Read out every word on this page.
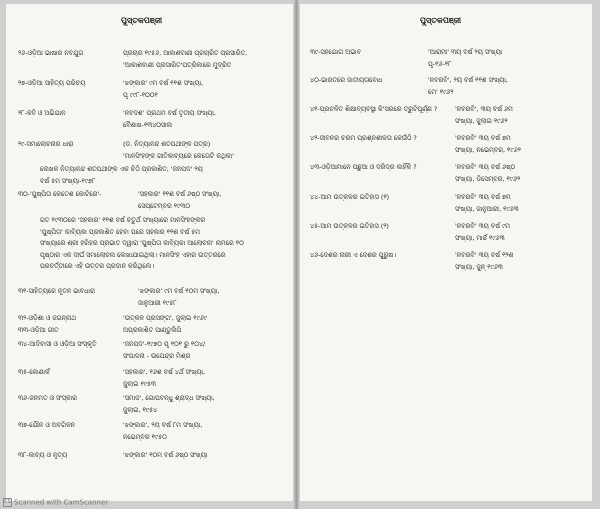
ପୁସ୍ତକପଞ୍ଜୀ
୨୬-ଓଡ଼ିଆ ଭାଷାର ନବଯୁଗ	ପ୍ରଚାର ୧୯୫୬, ଆକାଶବାଣୀ ପ୍ରଚାରିତ ପ୍ରସାରିତ,
'ଆକାଶବାଣୀ ପ୍ରସାରିତ'ପତ୍ରିକାରେ ମୁଦ୍ରିତ
୨୭-ଓଡ଼ିଆ ସାହିତ୍ୟ ପରିଚୟ	'ଝଙ୍କାର' ୯ମ ବର୍ଷ ୧୧ଶ ସଂଖ୍ୟା,
ପୃ ୯୯୮-୧୦୦୧
୨୮-କବି ଓ ଅଭିଯାନ	'ନବଦଶ' ପ୍ରଥମ ବର୍ଷ ତୃତୀୟ ସଂଖ୍ୟା,
ବୈଶାଖ-୧୩୪୦ସାଲ
୨୯-ସମାଲୋଚନାର ଧାରା	(ଡ. ନିତ୍ୟାନନ୍ଦ ଶତପଥୀଙ୍କ ପତ୍ର)
'ମାନସିଂହଙ୍କ ଗୀତିକାବ୍ୟରେ କେତୋଟି କଥିକା'
ଲେଖକ ନିତ୍ୟାନନ୍ଦ ଶତପଥୀଙ୍କ ଏକ ଚିଠି ପ୍ରକାଶିତ, 'ଜନପଦ' ୨ୟ
ବର୍ଷ ୫ମ ସଂଖ୍ୟା-୧୯୭୮
୩୦-'ପୁଷ୍ପିତା କେତେଶ କୋଟିରେ'-	'ସହକାର' ୧୧ଶ ବର୍ଷ ୬ଷ୍ଠ ସଂଖ୍ୟା,
ସେପ୍ଟେମ୍ବର ୧୯୩୦
ଗତ ୧୯୩୦ରେ 'ସହକାର' ୧୧ଶ ବର୍ଷ ଚତୁର୍ଥ ସଂଖ୍ୟାରେ ମାନସିଂହଙ୍କର
'ପୁଷ୍ପିତା' କାବ୍ୟିକା ପ୍ରକାଶିତ ହେବା ପରେ ସହକାର ୧୧ଶ ବର୍ଷ ୫ମ
ସଂଖ୍ୟାରେ ଶ୍ରୀ ହରିହର ପ୍ରଭାତ ଦ୍ୱାରା 'ପୁଷ୍ପିତା କାବ୍ୟିକା ଆଲୋଚନା' ନାମରେ ୧୦
ପୃଷ୍ଠାର ଏକ ଦୀର୍ଘ ସମାଲୋଚନା ଲେଖାଯାଇଥିଲା। ମାନସିଂହ ଏହାର ଉତ୍ତରରେ
ପରବର୍ତ୍ତୀରେ ଏହି ଉତ୍ତର ପ୍ରଦାନ କରିଥିଲେ।
୩୧-ସାହିତ୍ୟରେ ନୂତନ ଭାବଧାରା	'ଝଙ୍କାର' ୯ମ ବର୍ଷ ୧୦ମ ସଂଖ୍ୟା,
ଜାନୁଆରୀ ୧୯୫୮
୩୨-ଓଡ଼ିଶା ଓ ଜଗନ୍ନାଥ	'ଉତ୍କଳ ପ୍ରସଙ୍ଗ', ଜୁଲାଇ ୧୯୬୯
୩୩-ଓଡ଼ିଆ ଗୀତ	ଅପ୍ରକାଶିତ ପାଣ୍ଡୁଲିପି
୩୪-ଆଦିବାସୀ ଓ ଓଡ଼ିଆ ସଂସ୍କୃତି	'ଜନପଦ'-୧୯୭୦ ପୃ ୧୦୧ ରୁ ୧୦୪/
ସଂପାଦନା - ଉପେନ୍ଦ୍ର ମିଶ୍ର
୩୫-କୋଣାର୍କ	'ସହକାର', ୧୬ଶ ବର୍ଷ ୪ର୍ଥ ସଂଖ୍ୟା,
ଜୁଲାଇ ୧୯୫୩
୩୬-ଜନମତ ଓ ସଂସ୍କାର	'ସମାଜ', ଗୋପବନ୍ଧୁ ଶ୍ରାଦ୍ଧ ସଂଖ୍ୟା,
ଜୁଲାଇ, ୧୯୫୪
୩୭-ଯୌନ ଓ ଅବଗିଳନ	'ଝଙ୍କାର', ୨ୟ ବର୍ଷ ୮ମ ସଂଖ୍ୟା,
ନଭେମ୍ବର ୧୯୫୦
୩୮-କାବ୍ୟ ଓ ନୃତ୍ୟ	'ଝଙ୍କାର' ୧୦ମ ବର୍ଷ ୬ଷ୍ଠ ସଂଖ୍ୟା
ପୁସ୍ତକପଞ୍ଜୀ
୩୯-ସହଯୋଗ ଅଭାବ	'ଆରାମୀ' ୩ୟ ବର୍ଷ ୨ୟ ସଂଖ୍ୟା
ପୃ-୧୬-୧୮
୪୦-ଭାରତରେ ଜାତୀୟତାବୋଧ	'ନବରବି', ୨ୟ ବର୍ଷ ୧୧ଶ ସଂଖ୍ୟା,
ମେ' ୧୯୬୨
୪୧-ପ୍ରଚଳିତ ଶିକ୍ଷାବ୍ୟବସ୍ଥା କି'ସରରେ ତ୍ରୁଟିପୂର୍ଣ୍ଣ ?	'ନବରବି', ୩ୟ ବର୍ଷ ୬ମ
ସଂଖ୍ୟା, ଜୁଲାଇ ୧୯୬୨
୪୨-ଜୀବନର ଚରମ ପ୍ରଶ୍ନଶୀଳତା କେଉଁଠି ?	'ନବରବି' ୩ୟ ବର୍ଷ ୭ମ
ସଂଖ୍ୟା, ନଭେମ୍ବର, ୧୯୬୨
୪୩-ଓଡ଼ିଆମାନେ ପଛୁଆ ଓ ଦରିଦ୍ର କାହିଁକି ?	'ନବରବି' ୩ୟ ବର୍ଷ ୬ଷ୍ଠ
ସଂଖ୍ୟା, ଡିସେମ୍ବର, ୧୯୬୨
୪୪-ଆମ ଉତ୍କଳର ଇତିହାସ (୧)	'ନବରବି' ୩ୟ ବର୍ଷ ୭ମ
ସଂଖ୍ୟା, ଜାନୁଆରୀ, ୧୯୬୩
୪୫-ଆମ ଉତ୍କଳର ଇତିହାସ (୨)	'ନବରବି' ୩ୟ ବର୍ଷ ୯ମ
ସଂଖ୍ୟା, ମାର୍ଚ୍ଚ ୧୯୬୩
୪୬-ଦେଶର ନାରୀ ଏ ଦେଶର ପୁରୁଷ।	'ନବରବି' ୩ୟ ବର୍ଷ ୧୨ଶ
ସଂଖ୍ୟା, ଜୁନ୍ ୧୯୬୩
CS Scanned with CamScanner
